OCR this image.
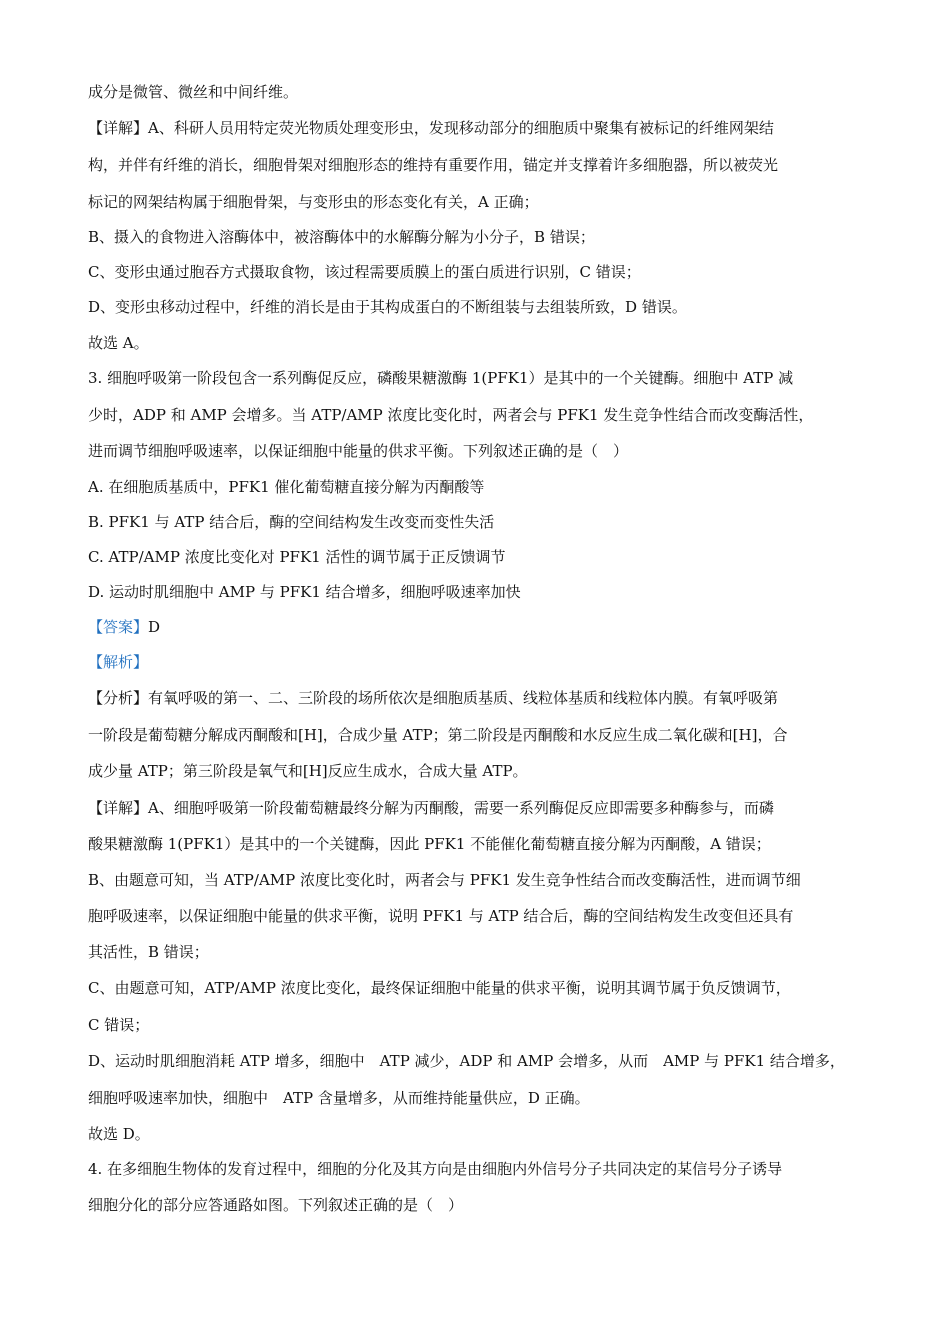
成分是微管、微丝和中间纤维。
【详解】A、科研人员用特定荧光物质处理变形虫，发现移动部分的细胞质中聚集有被标记的纤维网架结
构，并伴有纤维的消长，细胞骨架对细胞形态的维持有重要作用，锚定并支撑着许多细胞器，所以被荧光
标记的网架结构属于细胞骨架，与变形虫的形态变化有关，A 正确；
B、摄入的食物进入溶酶体中，被溶酶体中的水解酶分解为小分子，B 错误；
C、变形虫通过胞吞方式摄取食物，该过程需要质膜上的蛋白质进行识别，C 错误；
D、变形虫移动过程中，纤维的消长是由于其构成蛋白的不断组装与去组装所致，D 错误。
故选 A。
3. 细胞呼吸第一阶段包含一系列酶促反应，磷酸果糖激酶 1(PFK1）是其中的一个关键酶。细胞中 ATP 减
少时，ADP 和 AMP 会增多。当 ATP/AMP 浓度比变化时，两者会与 PFK1 发生竞争性结合而改变酶活性，
进而调节细胞呼吸速率，以保证细胞中能量的供求平衡。下列叙述正确的是（　）
A. 在细胞质基质中，PFK1 催化葡萄糖直接分解为丙酮酸等
B. PFK1 与 ATP 结合后，酶的空间结构发生改变而变性失活
C. ATP/AMP 浓度比变化对 PFK1 活性的调节属于正反馈调节
D. 运动时肌细胞中 AMP 与 PFK1 结合增多，细胞呼吸速率加快
【答案】D
【解析】
【分析】有氧呼吸的第一、二、三阶段的场所依次是细胞质基质、线粒体基质和线粒体内膜。有氧呼吸第
一阶段是葡萄糖分解成丙酮酸和[H]，合成少量 ATP；第二阶段是丙酮酸和水反应生成二氧化碳和[H]，合
成少量 ATP；第三阶段是氧气和[H]反应生成水，合成大量 ATP。
【详解】A、细胞呼吸第一阶段葡萄糖最终分解为丙酮酸，需要一系列酶促反应即需要多种酶参与，而磷
酸果糖激酶 1(PFK1）是其中的一个关键酶，因此 PFK1 不能催化葡萄糖直接分解为丙酮酸，A 错误；
B、由题意可知，当 ATP/AMP 浓度比变化时，两者会与 PFK1 发生竞争性结合而改变酶活性，进而调节细
胞呼吸速率，以保证细胞中能量的供求平衡，说明 PFK1 与 ATP 结合后，酶的空间结构发生改变但还具有
其活性，B 错误；
C、由题意可知，ATP/AMP 浓度比变化，最终保证细胞中能量的供求平衡，说明其调节属于负反馈调节，
C 错误；
D、运动时肌细胞消耗 ATP 增多，细胞中　ATP 减少，ADP 和 AMP 会增多，从而　AMP 与 PFK1 结合增多，
细胞呼吸速率加快，细胞中　ATP 含量增多，从而维持能量供应，D 正确。
故选 D。
4. 在多细胞生物体的发育过程中，细胞的分化及其方向是由细胞内外信号分子共同决定的某信号分子诱导
细胞分化的部分应答通路如图。下列叙述正确的是（　）
